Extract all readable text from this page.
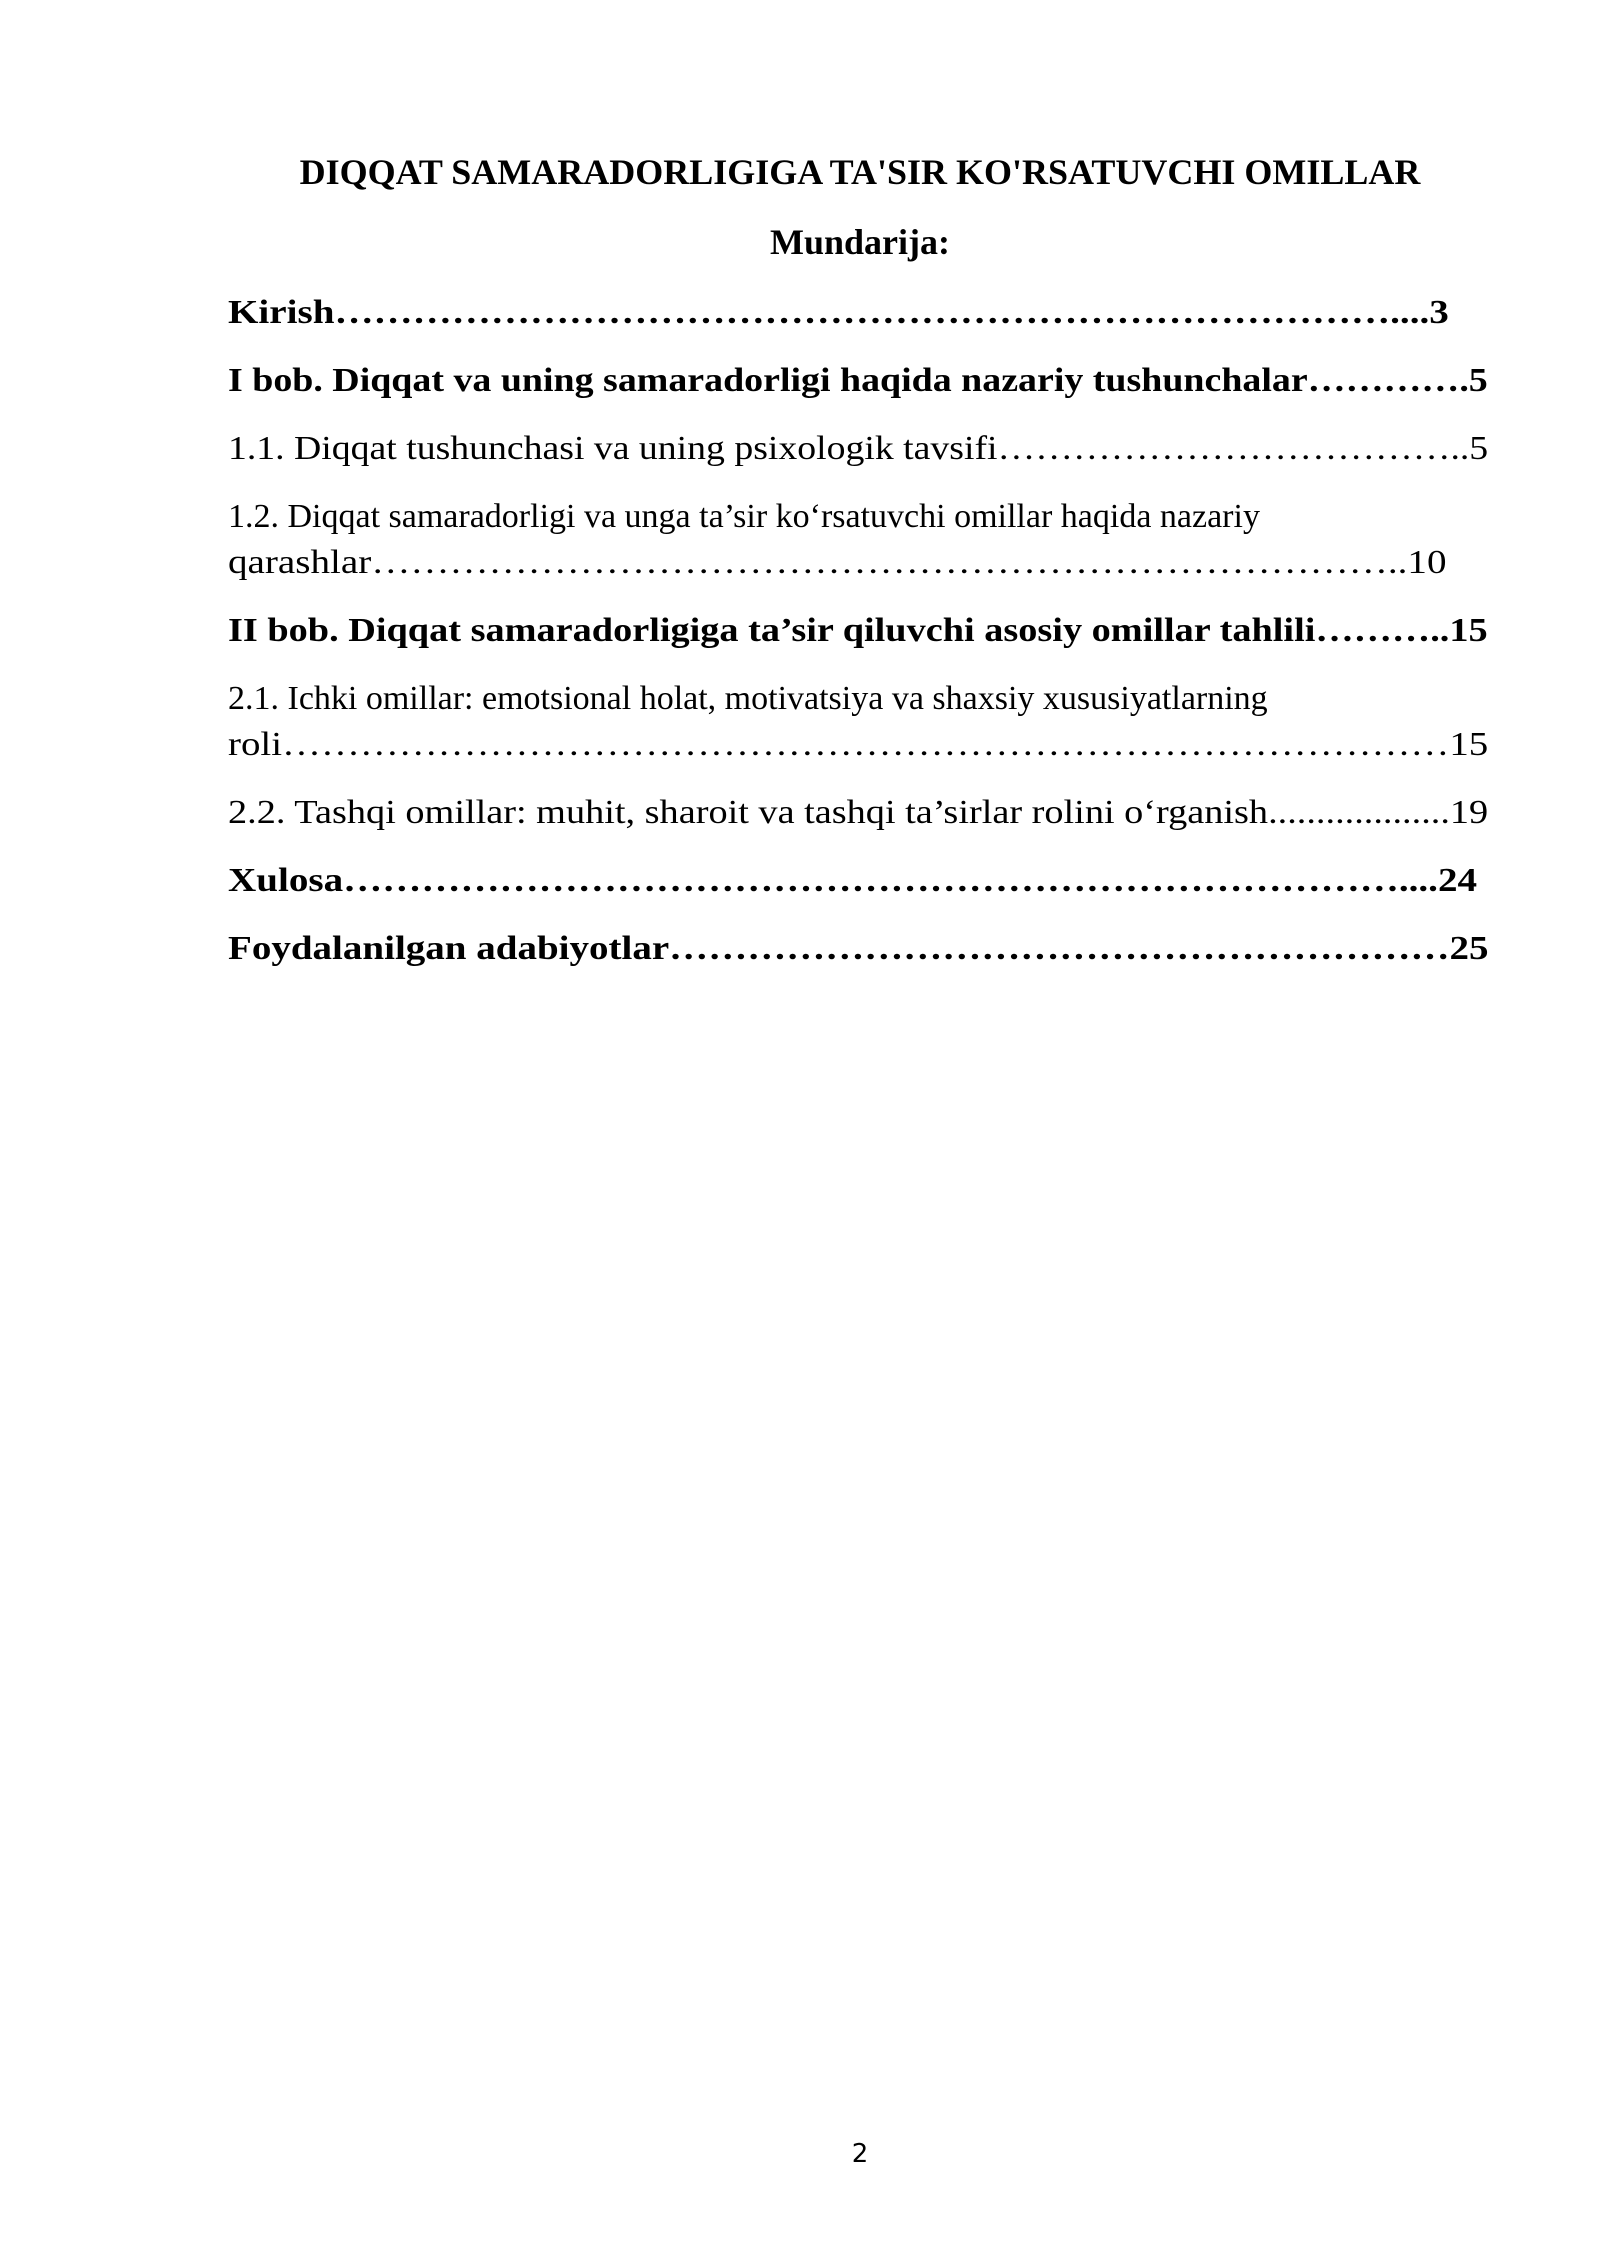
DIQQAT SAMARADORLIGIGA TA'SIR KO'RSATUVCHI OMILLAR
Mundarija:
Kirish………………………………………………………………………....3
I bob. Diqqat va uning samaradorligi haqida nazariy tushunchalar………….5
1.1. Diqqat tushunchasi va uning psixologik tavsifi………………………………..5
1.2. Diqqat samaradorligi va unga ta’sir ko‘rsatuvchi omillar haqida nazariy
qarashlar……………………………………………………………………..10
II bob. Diqqat samaradorligiga ta’sir qiluvchi asosiy omillar tahlili………..15
2.1. Ichki omillar: emotsional holat, motivatsiya va shaxsiy xususiyatlarning
roli………………………………………………………………………………15
2.2. Tashqi omillar: muhit, sharoit va tashqi ta’sirlar rolini o‘rganish...................19
Xulosa………………………………………………………………………....24
Foydalanilgan adabiyotlar……………………………………………………25
2
